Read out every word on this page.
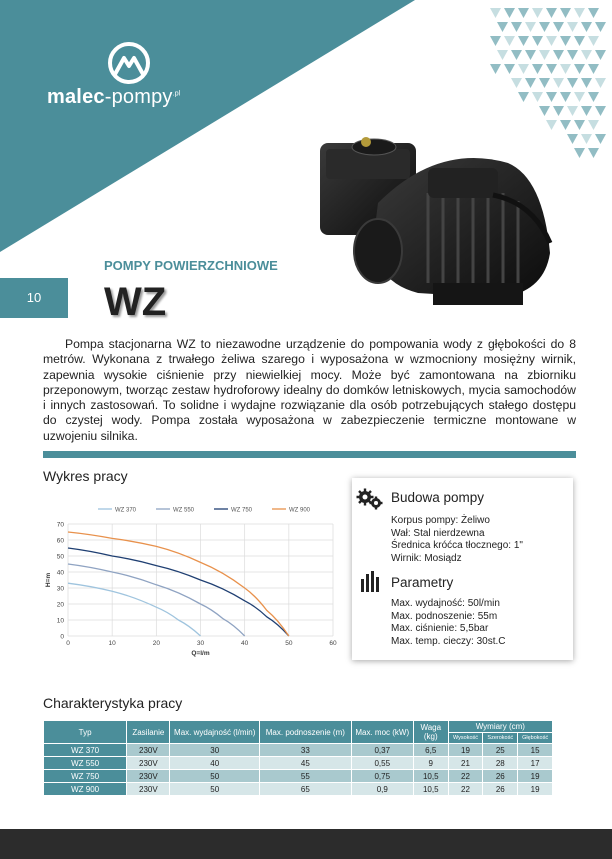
malec-pompy$^{.pl}$
10
POMPY POWIERZCHNIOWE
WZ
Pompa stacjonarna WZ to niezawodne urządzenie do pompowania wody z głębokości do 8 metrów. Wykonana z trwałego żeliwa szarego i wyposażona w wzmocniony mosiężny wirnik, zapewnia wysokie ciśnienie przy niewielkiej mocy. Może być zamontowana na zbiorniku przeponowym, tworząc zestaw hydroforowy idealny do domków letniskowych, mycia samochodów i innych zastosowań. To solidne i wydajne rozwiązanie dla osób potrzebujących stałego dostępu do czystej wody. Pompa została wyposażona w zabezpieczenie termiczne montowane w uzwojeniu silnika.
Wykres pracy
0
10
20
30
40
50
60
70
0	10	20	30	40	50	60
Q=l/m
H=m
WZ 370	WZ 550	WZ 750	WZ 900
Budowa pompy
Korpus pompy: Żeliwo
Wał: Stal nierdzewna
Średnica króćca tłocznego: 1"
Wirnik: Mosiądz
Parametry
Max. wydajność: 50l/min
Max. podnoszenie: 55m
Max. ciśnienie: 5,5bar
Max. temp. cieczy: 30st.C
Charakterystyka pracy
Typ	Zasilanie	Max. wydajność (l/min)	Max. podnoszenie (m)	Max. moc (kW)	Waga (kg)	Wymiary (cm)		
						Wysokość	Szerokość	Głębokość
WZ 370	230V	30	33	0,37	6,5	19	25	15
WZ 550	230V	40	45	0,55	9	21	28	17
WZ 750	230V	50	55	0,75	10,5	22	26	19
WZ 900	230V	50	65	0,9	10,5	22	26	19
